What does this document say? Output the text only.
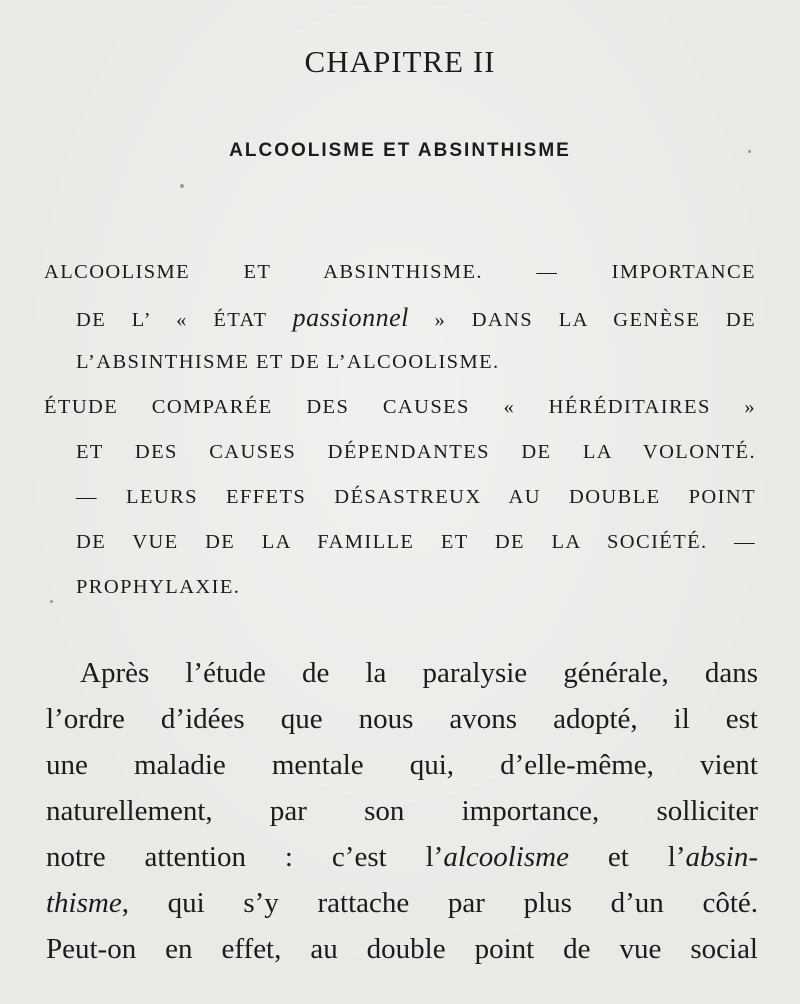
CHAPITRE II
ALCOOLISME ET ABSINTHISME
ALCOOLISME ET ABSINTHISME. — IMPORTANCE
DE L’ « ÉTAT passionnel » DANS LA GENÈSE DE
L’ABSINTHISME ET DE L’ALCOOLISME.
ÉTUDE COMPARÉE DES CAUSES « HÉRÉDITAIRES »
ET DES CAUSES DÉPENDANTES DE LA VOLONTÉ.
— LEURS EFFETS DÉSASTREUX AU DOUBLE POINT
DE VUE DE LA FAMILLE ET DE LA SOCIÉTÉ. —
PROPHYLAXIE.
Après l’étude de la paralysie générale, dans
l’ordre d’idées que nous avons adopté, il est
une maladie mentale qui, d’elle-même, vient
naturellement, par son importance, solliciter
notre attention : c’est l’alcoolisme et l’absin-
thisme, qui s’y rattache par plus d’un côté.
Peut-on en effet, au double point de vue social
